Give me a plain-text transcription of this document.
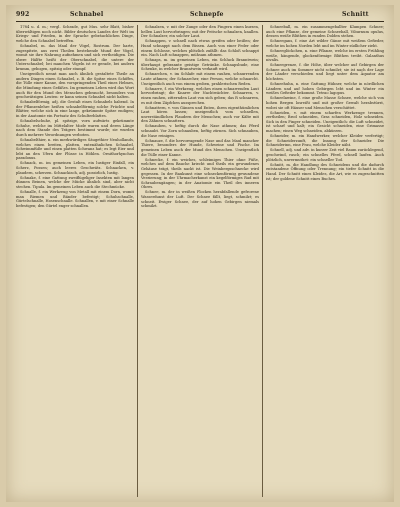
992	Schnabel	Schnepfe	Schnitt

1784 u. d. m.; vergl. Schrade, gut Mus. sehr Blatt, bisher überwältigen noch nicht. Bilder deutschen Landes der Welt im Kriegs- und Frieden, in der Sprache gebräuchlichen Dinge, welche den Schnabel betreffen.

Schnabel, m. das Maul der Vögel, Rostrum. Der harte, zugespitzte, aus zwei Theilen bestehende Mund der Vögel, womit sie ihre Nahrung aufnehmen und sich vertheidigen. Die obere Hälfte heißt der Oberschnabel, die untere der Unterschnabel; bei manchen Vögeln ist er gerade, bei andern krumm, gebogen, spitzig oder stumpf.

Uneigentlich nennt man auch ähnlich gestaltete Theile an andern Dingen einen Schnabel, z. B. die Spitze eines Schiffes, die Tülle einer Kanne, den vorspringenden Theil eines Helmes, die Mündung eines Gefäßes. Im gemeinen Leben wird das Wort auch für den Mund des Menschen gebraucht, besonders von geschwätzigen Leuten: er kann seinen Schnabel nicht halten.

Schnabelförmig, adj. die Gestalt eines Schnabels habend. In der Pflanzenlehre heißen schnabelförmig solche Früchte und Blätter, welche sich in eine lange, gekrümmte Spitze endigen; in der Anatomie ein Fortsatz des Schulterblattes.

Schnabelschuhe, pl. spitzige, vorn aufwärts gekrümmte Schuhe, welche im Mittelalter Mode waren und deren Länge nach dem Stande des Trägers bestimmt wurde; sie wurden durch mehrere Verordnungen verboten.

Schnabelthier, n. ein merkwürdiges Säugethier Neuhollands, welches einen breiten, platten, entenähnlichen Schnabel, Schwimmfüße und einen platten Schwanz hat; es legt Eier und lebt an den Ufern der Flüsse in Höhlen. Ornithorhynchus paradoxus.

Schnack, m. im gemeinen Leben, ein lustiger Einfall, ein Scherz, Possen; auch leeres Geschwätz. Schnacken, v. plaudern, scherzen. Schnackisch, adj. possirlich, lustig.

Schnake, f. eine Gattung zweiflügeliger Insekten mit langen dünnen Beinen, welche der Mücke ähnlich sind, aber nicht stechen. Tipula. Im gemeinen Leben auch die Stechmücke.

Schnalle, f. ein Werkzeug von Metall mit einem Dorn, womit man Riemen und Bänder befestigt; Schuhschnalle, Gürtelschnalle, Hosenschnalle. Schnallen, v. mit einer Schnalle befestigen; den Gürtel enger schnallen.

Schnalzen, v. mit der Zunge oder den Fingern einen kurzen, hellen Laut hervorbringen; mit der Peitsche schnalzen, knallen. Der Schnalzer, ein solcher Laut.

Schnappen, v. schnell nach etwas greifen oder beißen; der Hund schnappt nach dem Bissen. Auch von einer Feder oder einem Schlosse, welches plötzlich zufällt: das Schloß schnappt ein. Nach Luft schnappen, mühsam athmen.

Schnaps, m. im gemeinen Leben, ein Schluck Branntwein; überhaupt gebrannte geistige Getränke. Schnapsbude, eine Schenke, in welcher Branntwein verkauft wird.

Schnarchen, v. im Schlafe mit einem rauhen, schnurrenden Laute athmen; der Schnarcher, eine Person, welche schnarcht. Uneigentlich auch von einem groben, prahlerischen Reden.

Schnarre, f. ein Werkzeug, welches einen schnarrenden Laut hervorbringt; die Knarre der Nachtwächter. Schnarren, v. einen rauhen, zitternden Laut von sich geben; das R schnarren, es mit dem Zäpfchen aussprechen.

Schnattern, v. von Gänsen und Enten, ihren eigenthümlichen Laut hören lassen; uneigentlich vom schnellen, unverständlichen Plaudern der Menschen; auch vor Kälte mit den Zähnen schnattern.

Schnauben, v. heftig durch die Nase athmen; das Pferd schnaubt. Vor Zorn schnauben, heftig zürnen. Sich schnauben, die Nase reinigen.

Schnauze, f. die hervorragende Nase und das Maul mancher Thiere, besonders der Hunde, Schweine und Fische. Im gemeinen Leben auch der Mund des Menschen. Uneigentlich die Tülle einer Kanne.

Schnecke, f. ein weiches, schleimiges Thier ohne Füße, welches auf dem Bauche kriecht und theils ein gewundenes Gehäuse trägt, theils nackt ist. Die Weinbergsschnecke wird gegessen. In der Baukunst eine schneckenförmig gewundene Verzierung; in der Uhrmacherkunst ein kegelförmiges Rad mit Schraubengängen; in der Anatomie ein Theil des inneren Ohres.

Schnee, m. der in weißen Flocken herabfallende gefrorene Wasserdunst der Luft. Der Schnee fällt, liegt, schmilzt; es schneit. Ewiger Schnee, der auf hohen Gebirgen niemals schmilzt.

Schneeball, m. ein zusammengeballter Klumpen Schnee; auch eine Pflanze, der gemeine Schneeball, Viburnum opulus, dessen weiße Blüthen in runden Dolden stehen.

Schneegans, f. eine Art wilder Gänse mit weißem Gefieder, welche im hohen Norden lebt und im Winter südlicher zieht.

Schneeglöckchen, n. eine Pflanze, welche im ersten Frühling weiße, hängende, glockenförmige Blüthen treibt. Galanthus nivalis.

Schneegrenze, f. die Höhe, über welcher auf Gebirgen der Schnee auch im Sommer nicht schmilzt; sie ist nach der Lage der Länder verschieden und liegt unter dem Äquator am höchsten.

Schneehuhn, n. eine Gattung Hühner, welche in nördlichen Ländern und auf hohen Gebirgen lebt und im Winter ein weißes Gefieder bekommt. Tetrao lagopus.

Schneelawine, f. eine große Masse Schnee, welche sich von hohen Bergen losreißt und mit großer Gewalt herabstürzt, wobei sie oft Häuser und Menschen verschüttet.

Schneiden, v. mit einem scharfen Werkzeuge trennen, zertheilen; Brod schneiden, Gras schneiden, Holz schneiden. Sich in den Finger schneiden. Uneigentlich: die Luft schneidet, ist scharf und kalt; ein Gesicht schneiden, eine Grimasse machen; einen Weg schneiden, abkürzen.

Schneider, m. ein Handwerker, welcher Kleider verfertigt; die Schneiderzunft, die Innung der Schneider. Die Schneiderinn, eine Frau, welche Kleider näht.

Schnell, adj. und adv. in kurzer Zeit viel Raum zurücklegend, geschwind, rasch; ein schnelles Pferd, schnell laufen. Auch plötzlich, unvermuthet: ein schneller Tod.

Schnitt, m. die Handlung des Schneidens und die dadurch entstandene Öffnung oder Trennung; ein tiefer Schnitt in die Hand. Der Schnitt eines Kleides, die Art, wie es zugeschnitten ist; der goldene Schnitt eines Buches.
